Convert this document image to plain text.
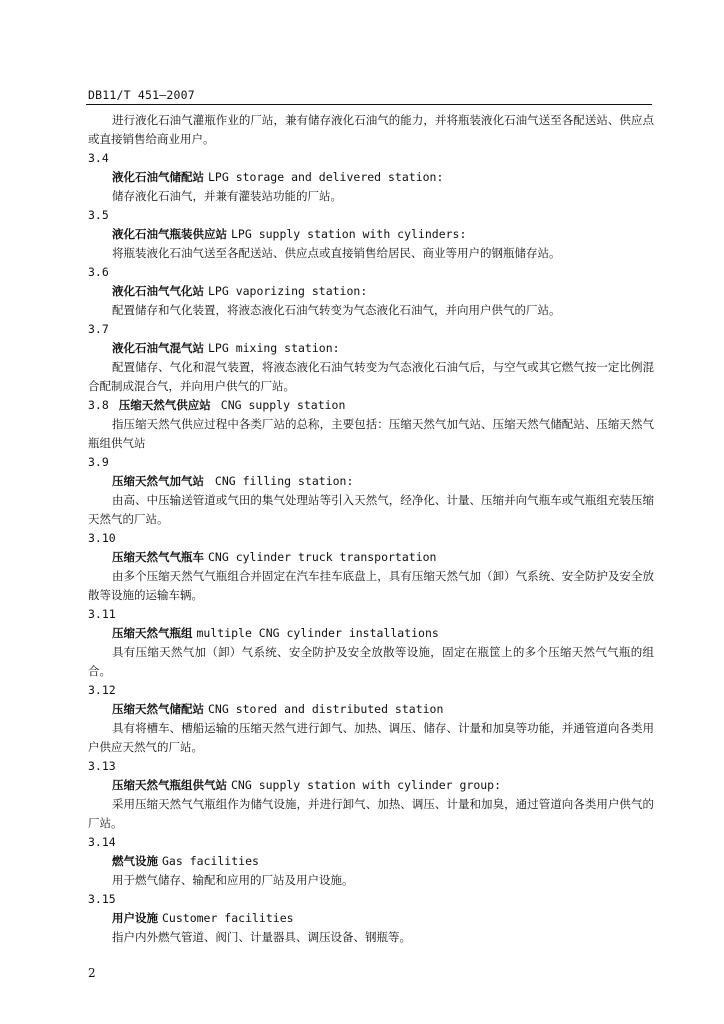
DB11/T 451—2007

进行液化石油气灌瓶作业的厂站，兼有储存液化石油气的能力，并将瓶装液化石油气送至各配送站、供应点或直接销售给商业用户。

3.4
液化石油气储配站 LPG storage and delivered station:

储存液化石油气，并兼有灌装站功能的厂站。

3.5
液化石油气瓶装供应站 LPG supply station with cylinders:

将瓶装液化石油气送至各配送站、供应点或直接销售给居民、商业等用户的钢瓶储存站。

3.6
液化石油气气化站 LPG vaporizing station:

配置储存和气化装置，将液态液化石油气转变为气态液化石油气，并向用户供气的厂站。

3.7
液化石油气混气站 LPG mixing station:

配置储存、气化和混气装置，将液态液化石油气转变为气态液化石油气后，与空气或其它燃气按一定比例混合配制成混合气，并向用户供气的厂站。

3.8 压缩天然气供应站 CNG supply station

指压缩天然气供应过程中各类厂站的总称，主要包括：压缩天然气加气站、压缩天然气储配站、压缩天然气瓶组供气站

3.9
压缩天然气加气站 CNG filling station:

由高、中压输送管道或气田的集气处理站等引入天然气，经净化、计量、压缩并向气瓶车或气瓶组充装压缩天然气的厂站。

3.10
压缩天然气气瓶车 CNG cylinder truck transportation

由多个压缩天然气气瓶组合并固定在汽车挂车底盘上，具有压缩天然气加（卸）气系统、安全防护及安全放散等设施的运输车辆。

3.11
压缩天然气瓶组 multiple CNG cylinder installations

具有压缩天然气加（卸）气系统、安全防护及安全放散等设施，固定在瓶筐上的多个压缩天然气气瓶的组合。

3.12
压缩天然气储配站 CNG stored and distributed station

具有将槽车、槽船运输的压缩天然气进行卸气、加热、调压、储存、计量和加臭等功能，并通管道向各类用户供应天然气的厂站。

3.13
压缩天然气瓶组供气站 CNG supply station with cylinder group:

采用压缩天然气气瓶组作为储气设施，并进行卸气、加热、调压、计量和加臭，通过管道向各类用户供气的厂站。

3.14
燃气设施 Gas facilities

用于燃气储存、输配和应用的厂站及用户设施。

3.15
用户设施 Customer facilities

指户内外燃气管道、阀门、计量器具、调压设备、钢瓶等。

2
